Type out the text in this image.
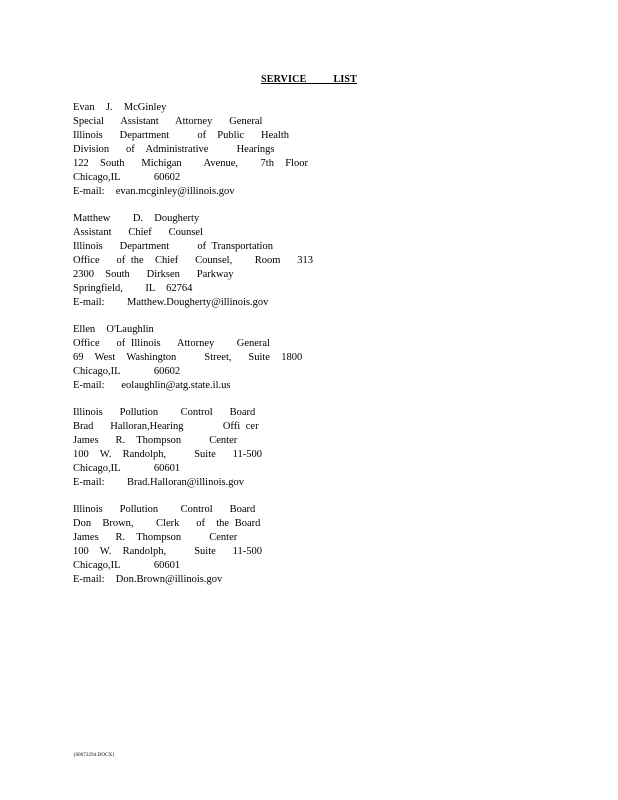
SERVICE          LIST
Evan  J.  McGinley
Special   Assistant   Attorney   General
Illinois   Department     of  Public   Health
Division   of  Administrative     Hearings
122  South   Michigan    Avenue,    7th  Floor
Chicago,IL      60602
E-mail:  evan.mcginley@illinois.gov
Matthew    D.  Dougherty
Assistant   Chief   Counsel
Illinois   Department     of Transportation
Office   of the  Chief   Counsel,    Room   313
2300  South   Dirksen   Parkway
Springfield,    IL  62764
E-mail:    Matthew.Dougherty@illinois.gov
Ellen  O'Laughlin
Office   of Illinois   Attorney    General
69  West  Washington     Street,   Suite  1800
Chicago,IL      60602
E-mail:   eolaughlin@atg.state.il.us
Illinois   Pollution    Control   Board
Brad   Halloran,Hearing       Offi cer
James   R.  Thompson     Center
100  W.  Randolph,     Suite   11-500
Chicago,IL      60601
E-mail:    Brad.Halloran@illinois.gov
Illinois   Pollution    Control   Board
Don  Brown,    Clerk   of  the Board
James   R.  Thompson     Center
100  W.  Randolph,     Suite   11-500
Chicago,IL      60601
E-mail:  Don.Brown@illinois.gov
{00073294.DOCX}
